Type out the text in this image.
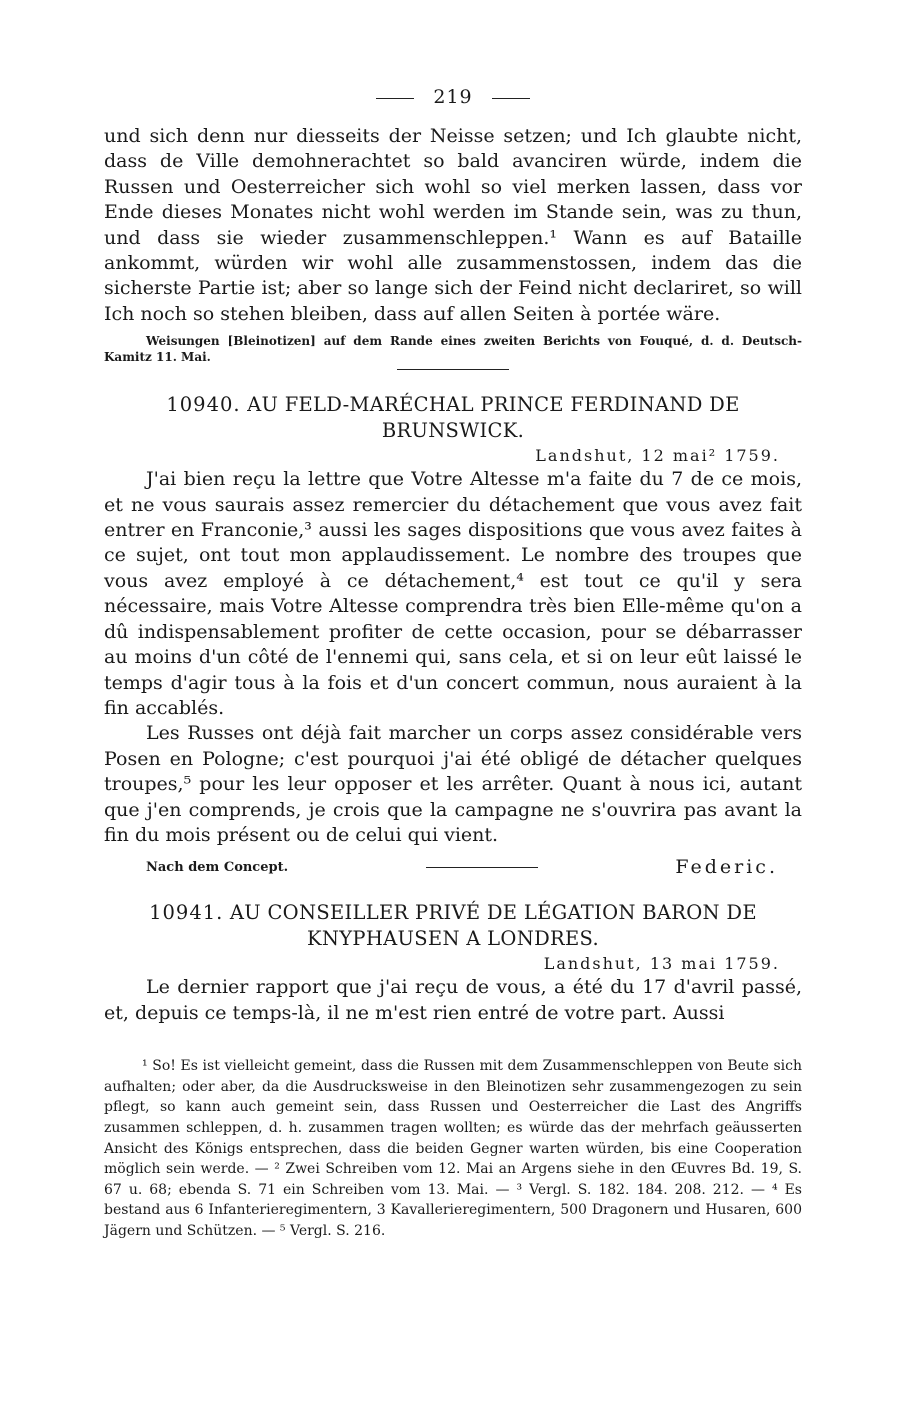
219

und sich denn nur diesseits der Neisse setzen; und Ich glaubte nicht, dass de Ville demohnerachtet so bald avanciren würde, indem die Russen und Oesterreicher sich wohl so viel merken lassen, dass vor Ende dieses Monates nicht wohl werden im Stande sein, was zu thun, und dass sie wieder zusammenschleppen.¹ Wann es auf Bataille ankommt, würden wir wohl alle zusammenstossen, indem das die sicherste Partie ist; aber so lange sich der Feind nicht declariret, so will Ich noch so stehen bleiben, dass auf allen Seiten à portée wäre.

Weisungen [Bleinotizen] auf dem Rande eines zweiten Berichts von Fouqué, d. d. Deutsch-Kamitz 11. Mai.

10940. AU FELD-MARÉCHAL PRINCE FERDINAND DE BRUNSWICK.
Landshut, 12 mai² 1759.

J'ai bien reçu la lettre que Votre Altesse m'a faite du 7 de ce mois, et ne vous saurais assez remercier du détachement que vous avez fait entrer en Franconie,³ aussi les sages dispositions que vous avez faites à ce sujet, ont tout mon applaudissement. Le nombre des troupes que vous avez employé à ce détachement,⁴ est tout ce qu'il y sera nécessaire, mais Votre Altesse comprendra très bien Elle-même qu'on a dû indispensablement profiter de cette occasion, pour se débarrasser au moins d'un côté de l'ennemi qui, sans cela, et si on leur eût laissé le temps d'agir tous à la fois et d'un concert commun, nous auraient à la fin accablés.

Les Russes ont déjà fait marcher un corps assez considérable vers Posen en Pologne; c'est pourquoi j'ai été obligé de détacher quelques troupes,⁵ pour les leur opposer et les arrêter. Quant à nous ici, autant que j'en comprends, je crois que la campagne ne s'ouvrira pas avant la fin du mois présent ou de celui qui vient.

Nach dem Concept.	Federic.
10941. AU CONSEILLER PRIVÉ DE LÉGATION BARON DE KNYPHAUSEN A LONDRES.
Landshut, 13 mai 1759.

Le dernier rapport que j'ai reçu de vous, a été du 17 d'avril passé, et, depuis ce temps-là, il ne m'est rien entré de votre part. Aussi

¹ So! Es ist vielleicht gemeint, dass die Russen mit dem Zusammenschleppen von Beute sich aufhalten; oder aber, da die Ausdrucksweise in den Bleinotizen sehr zusammengezogen zu sein pflegt, so kann auch gemeint sein, dass Russen und Oesterreicher die Last des Angriffs zusammen schleppen, d. h. zusammen tragen wollten; es würde das der mehrfach geäusserten Ansicht des Königs entsprechen, dass die beiden Gegner warten würden, bis eine Cooperation möglich sein werde. — ² Zwei Schreiben vom 12. Mai an Argens siehe in den Œuvres Bd. 19, S. 67 u. 68; ebenda S. 71 ein Schreiben vom 13. Mai. — ³ Vergl. S. 182. 184. 208. 212. — ⁴ Es bestand aus 6 Infanterieregimentern, 3 Kavallerieregimentern, 500 Dragonern und Husaren, 600 Jägern und Schützen. — ⁵ Vergl. S. 216.
